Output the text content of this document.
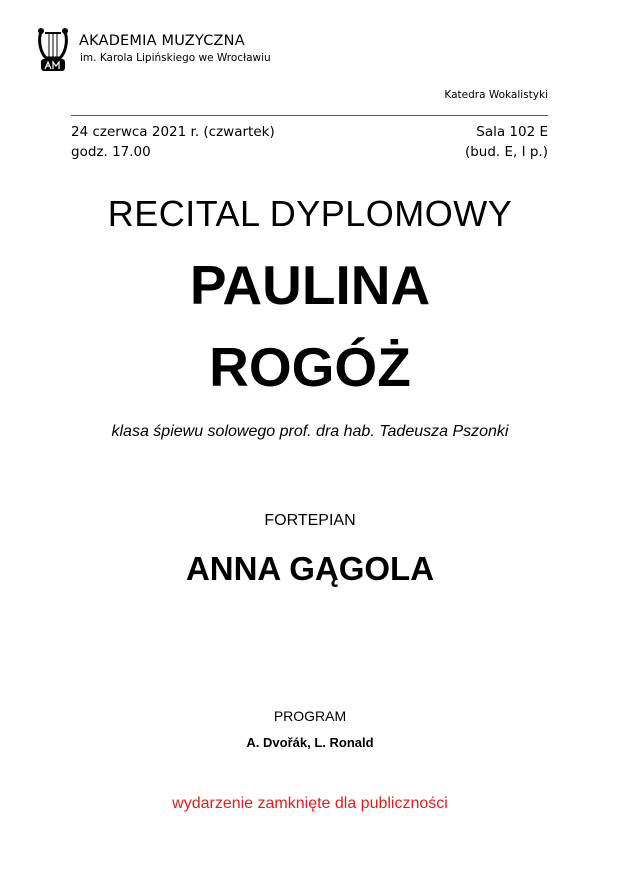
AKADEMIA MUZYCZNA
im. Karola Lipińskiego we Wrocławiu
Katedra Wokalistyki
24 czerwca 2021 r. (czwartek)
godz. 17.00
Sala 102 E
(bud. E, I p.)
RECITAL DYPLOMOWY
PAULINA
ROGÓŻ
klasa śpiewu solowego prof. dra hab. Tadeusza Pszonki
FORTEPIAN
ANNA GĄGOLA
PROGRAM
A. Dvořák, L. Ronald
wydarzenie zamknięte dla publiczności
